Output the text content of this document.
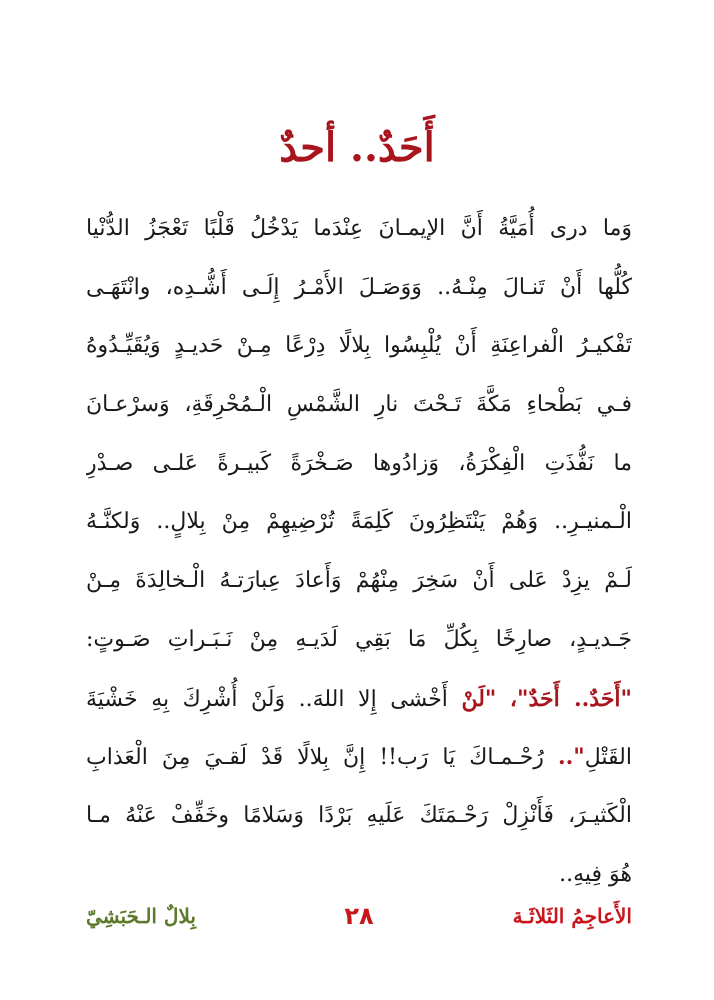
أَحَدٌ.. أحدٌ
وَما درى أُمَيَّةُ أَنَّ الإيمـانَ عِنْدَما يَدْخُلُ قَلْبًا تَعْجَزُ الدُّنْيا
كُلُّها أَنْ تَنـالَ مِنْـهُ.. وَوَصَـلَ الأَمْـرُ إِلَـى أَشُّـدِه، وانْتَهَـى
تَفْكيـرُ الْفراعِنَةِ أَنْ يُلْبِسُوا بِلالًا دِرْعًا مِـنْ حَديـدٍ وَيُقَيِّـدُوهُ
فـي بَطْحاءِ مَكَّةَ تَـحْتَ نارِ الشَّمْسِ الْـمُحْرِقَةِ، وَسرْعـانَ
ما نَفُّذَتِ الْفِكْرَةُ، وَزادُوها صَـخْرَةً كَبيـرةً عَلـى صـدْرِ
الْـمنيـرِ.. وَهُمْ يَنْتَظِرُونَ كَلِمَةً تُرْضِيهِمْ مِنْ بِلالٍ.. وَلكنَّـهُ
لَـمْ يزِدْ عَلى أَنْ سَخِرَ مِنْهُمْ وَأَعادَ عِبارَتـهُ الْـخالِدَةَ مِـنْ
جَـديـدٍ، صارِخًا بِكُلِّ مَا بَقِي لَدَيـهِ مِنْ نَـبَـراتِ صَـوتٍ:
"أَحَدٌ.. أَحَدٌ"، "لَنْ أَخْشى إِلا اللهَ.. وَلَنْ أُشْرِكَ بِهِ خَشْيَةَ
القَتْلِ".. رُحْـمـاكَ يَا رَب!! إِنَّ بِلالًا قَدْ لَقـيَ مِنَ الْعَذابِ
الْكَثيـرَ، فَأَنْزِلْ رَحْـمَتَكَ عَلَيهِ بَرْدًا وَسَلامًا وخَفِّفْ عَنْهُ مـا
هُوَ فِيهِ..
الأَعاجِمُ الثَلاثَـة
٢٨
بِلالٌ الـحَبَشِيّ
